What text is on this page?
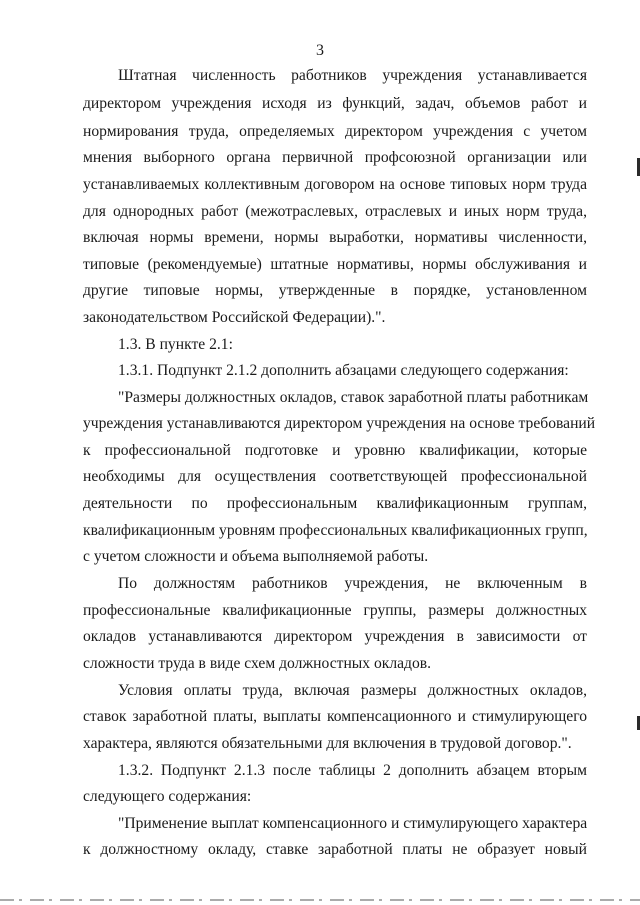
3
Штатная численность работников учреждения устанавливается
директором учреждения исходя из функций, задач, объемов работ и
нормирования труда, определяемых директором учреждения с учетом
мнения выборного органа первичной профсоюзной организации или
устанавливаемых коллективным договором на основе типовых норм труда
для однородных работ (межотраслевых, отраслевых и иных норм труда,
включая нормы времени, нормы выработки, нормативы численности,
типовые (рекомендуемые) штатные нормативы, нормы обслуживания и
другие типовые нормы, утвержденные в порядке, установленном
законодательством Российской Федерации).".
1.3. В пункте 2.1:
1.3.1. Подпункт 2.1.2 дополнить абзацами следующего содержания:
"Размеры должностных окладов, ставок заработной платы работникам
учреждения устанавливаются директором учреждения на основе требований
к профессиональной подготовке и уровню квалификации, которые
необходимы для осуществления соответствующей профессиональной
деятельности по профессиональным квалификационным группам,
квалификационным уровням профессиональных квалификационных групп,
с учетом сложности и объема выполняемой работы.
По должностям работников учреждения, не включенным в
профессиональные квалификационные группы, размеры должностных
окладов устанавливаются директором учреждения в зависимости от
сложности труда в виде схем должностных окладов.
Условия оплаты труда, включая размеры должностных окладов,
ставок заработной платы, выплаты компенсационного и стимулирующего
характера, являются обязательными для включения в трудовой договор.".
1.3.2. Подпункт 2.1.3 после таблицы 2 дополнить абзацем вторым
следующего содержания:
"Применение выплат компенсационного и стимулирующего характера
к должностному окладу, ставке заработной платы не образует новый
